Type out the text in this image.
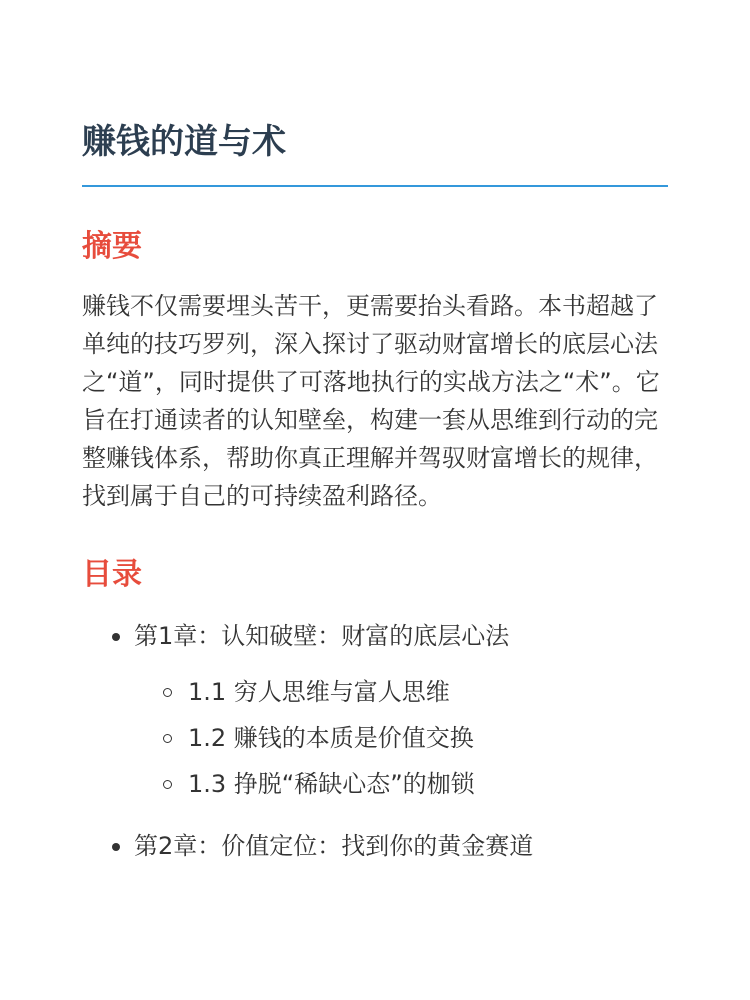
赚钱的道与术
摘要

赚钱不仅需要埋头苦干，更需要抬头看路。本书超越了单纯的技巧罗列，深入探讨了驱动财富增长的底层心法之“道”，同时提供了可落地执行的实战方法之“术”。它旨在打通读者的认知壁垒，构建一套从思维到行动的完整赚钱体系，帮助你真正理解并驾驭财富增长的规律，找到属于自己的可持续盈利路径。

目录
第1章：认知破壁：财富的底层心法
1.1 穷人思维与富人思维
1.2 赚钱的本质是价值交换
1.3 挣脱“稀缺心态”的枷锁
第2章：价值定位：找到你的黄金赛道
